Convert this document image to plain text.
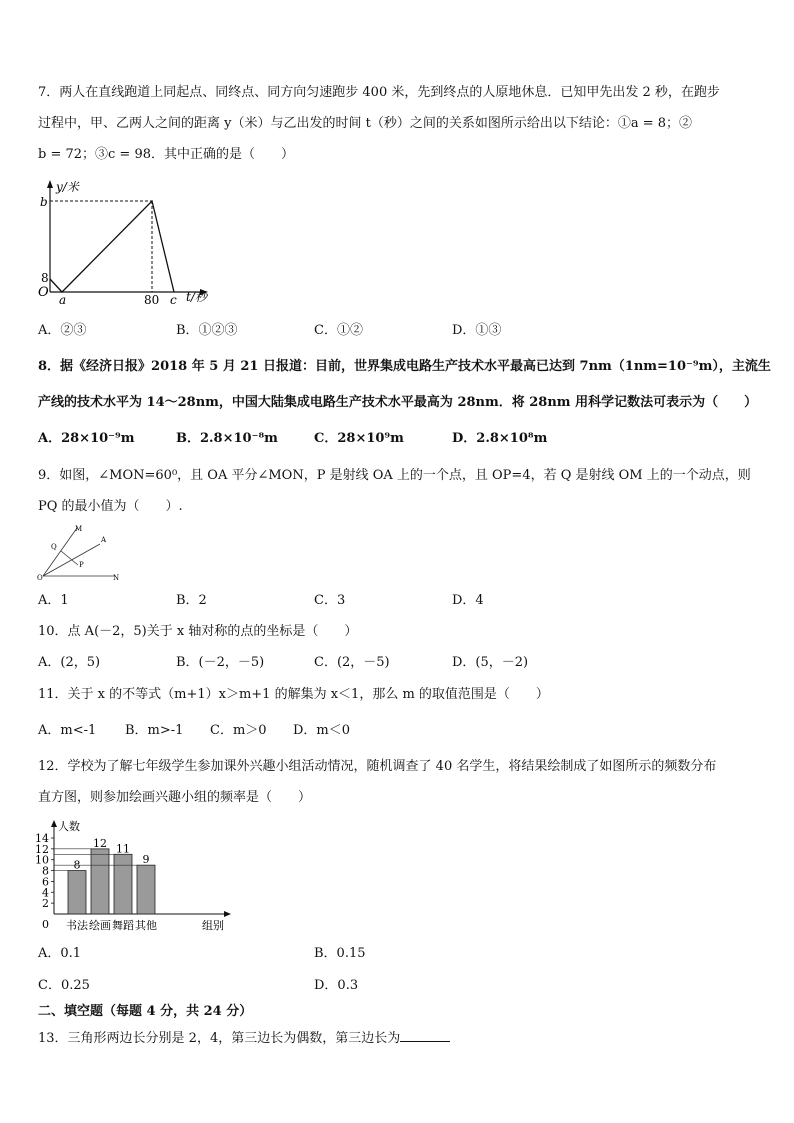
7．两人在直线跑道上同起点、同终点、同方向匀速跑步 400 米，先到终点的人原地休息．已知甲先出发 2 秒，在跑步
过程中，甲、乙两人之间的距离 y（米）与乙出发的时间 t（秒）之间的关系如图所示给出以下结论：①a = 8；②
b = 72；③c = 98．其中正确的是（　　）
y/米
b
8
O a	80 c t/秒
A．②③	B．①②③	C．①②	D．①③
8．据《经济日报》2018 年 5 月 21 日报道：目前，世界集成电路生产技术水平最高已达到 7nm（1nm=10⁻⁹m），主流生
产线的技术水平为 14～28nm，中国大陆集成电路生产技术水平最高为 28nm．将 28nm 用科学记数法可表示为（　　）
A．28×10⁻⁹m	B．2.8×10⁻⁸m	C．28×10⁹m	D．2.8×10⁸m
9．如图，∠MON=60⁰，且 OA 平分∠MON，P 是射线 OA 上的一个点，且 OP=4，若 Q 是射线 OM 上的一个动点，则
PQ 的最小值为（　　）.
M
Q
A
P
O	N
A．1	B．2	C．3	D．4
10．点 A(－2，5)关于 x 轴对称的点的坐标是（　　）
A．(2，5)	B．(－2，－5)	C．(2，－5)	D．(5，－2)
11．关于 x 的不等式（m+1）x＞m+1 的解集为 x＜1，那么 m 的取值范围是（　　）
A．m<-1 B．m>-1 C．m＞0 D．m＜0
12．学校为了解七年级学生参加课外兴趣小组活动情况，随机调查了 40 名学生，将结果绘制成了如图所示的频数分布
直方图，则参加绘画兴趣小组的频率是（　　）
0
2
4
6
8
10
12
14
人数
组别
8
书法
12
绘画
11
舞蹈
9
其他
A．0.1	B．0.15
C．0.25	D．0.3
二、填空题（每题 4 分，共 24 分）
13．三角形两边长分别是 2，4，第三边长为偶数，第三边长为
